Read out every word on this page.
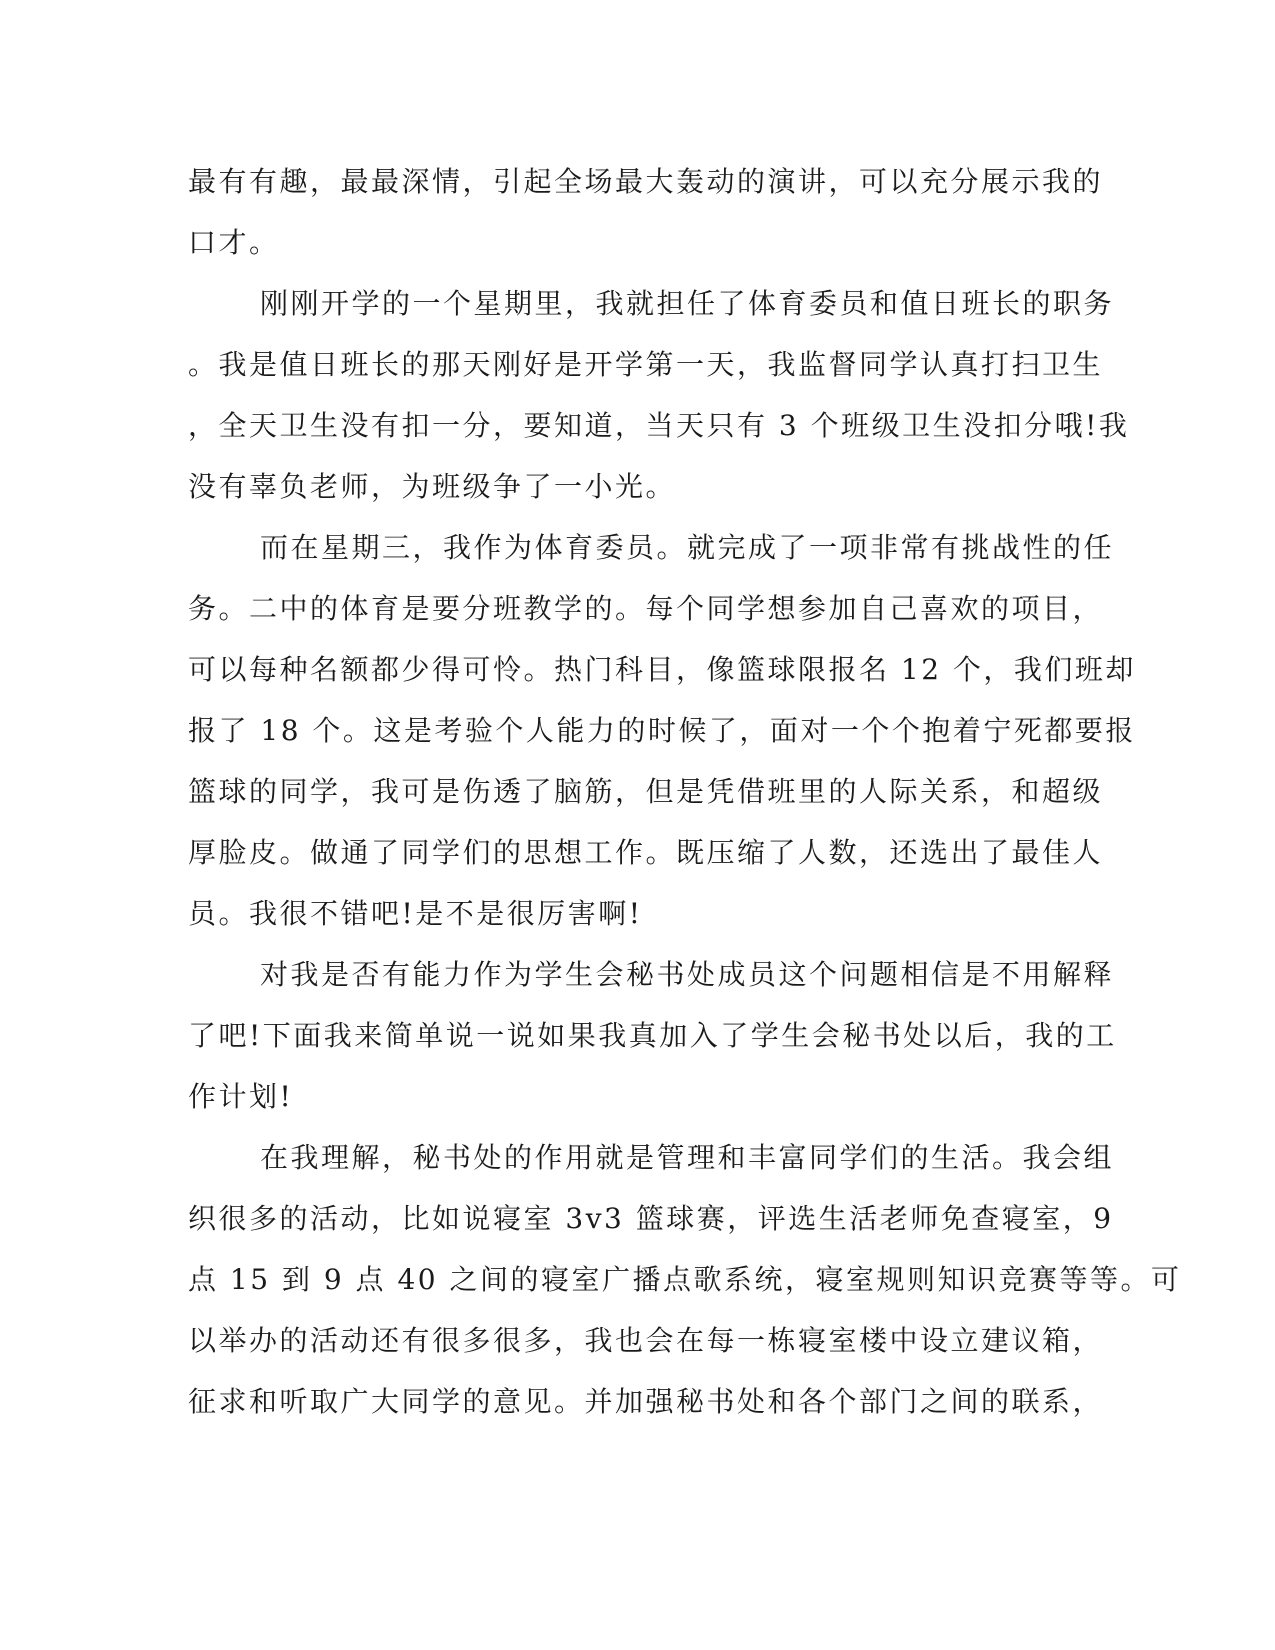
最有有趣，最最深情，引起全场最大轰动的演讲，可以充分展示我的
口才。
刚刚开学的一个星期里，我就担任了体育委员和值日班长的职务
。我是值日班长的那天刚好是开学第一天，我监督同学认真打扫卫生
，全天卫生没有扣一分，要知道，当天只有 3 个班级卫生没扣分哦!我
没有辜负老师，为班级争了一小光。
而在星期三，我作为体育委员。就完成了一项非常有挑战性的任
务。二中的体育是要分班教学的。每个同学想参加自己喜欢的项目，
可以每种名额都少得可怜。热门科目，像篮球限报名 12 个，我们班却
报了 18 个。这是考验个人能力的时候了，面对一个个抱着宁死都要报
篮球的同学，我可是伤透了脑筋，但是凭借班里的人际关系，和超级
厚脸皮。做通了同学们的思想工作。既压缩了人数，还选出了最佳人
员。我很不错吧!是不是很厉害啊!
对我是否有能力作为学生会秘书处成员这个问题相信是不用解释
了吧!下面我来简单说一说如果我真加入了学生会秘书处以后，我的工
作计划!
在我理解，秘书处的作用就是管理和丰富同学们的生活。我会组
织很多的活动，比如说寝室 3v3 篮球赛，评选生活老师免查寝室，9
点 15 到 9 点 40 之间的寝室广播点歌系统，寝室规则知识竞赛等等。可
以举办的活动还有很多很多，我也会在每一栋寝室楼中设立建议箱，
征求和听取广大同学的意见。并加强秘书处和各个部门之间的联系，
